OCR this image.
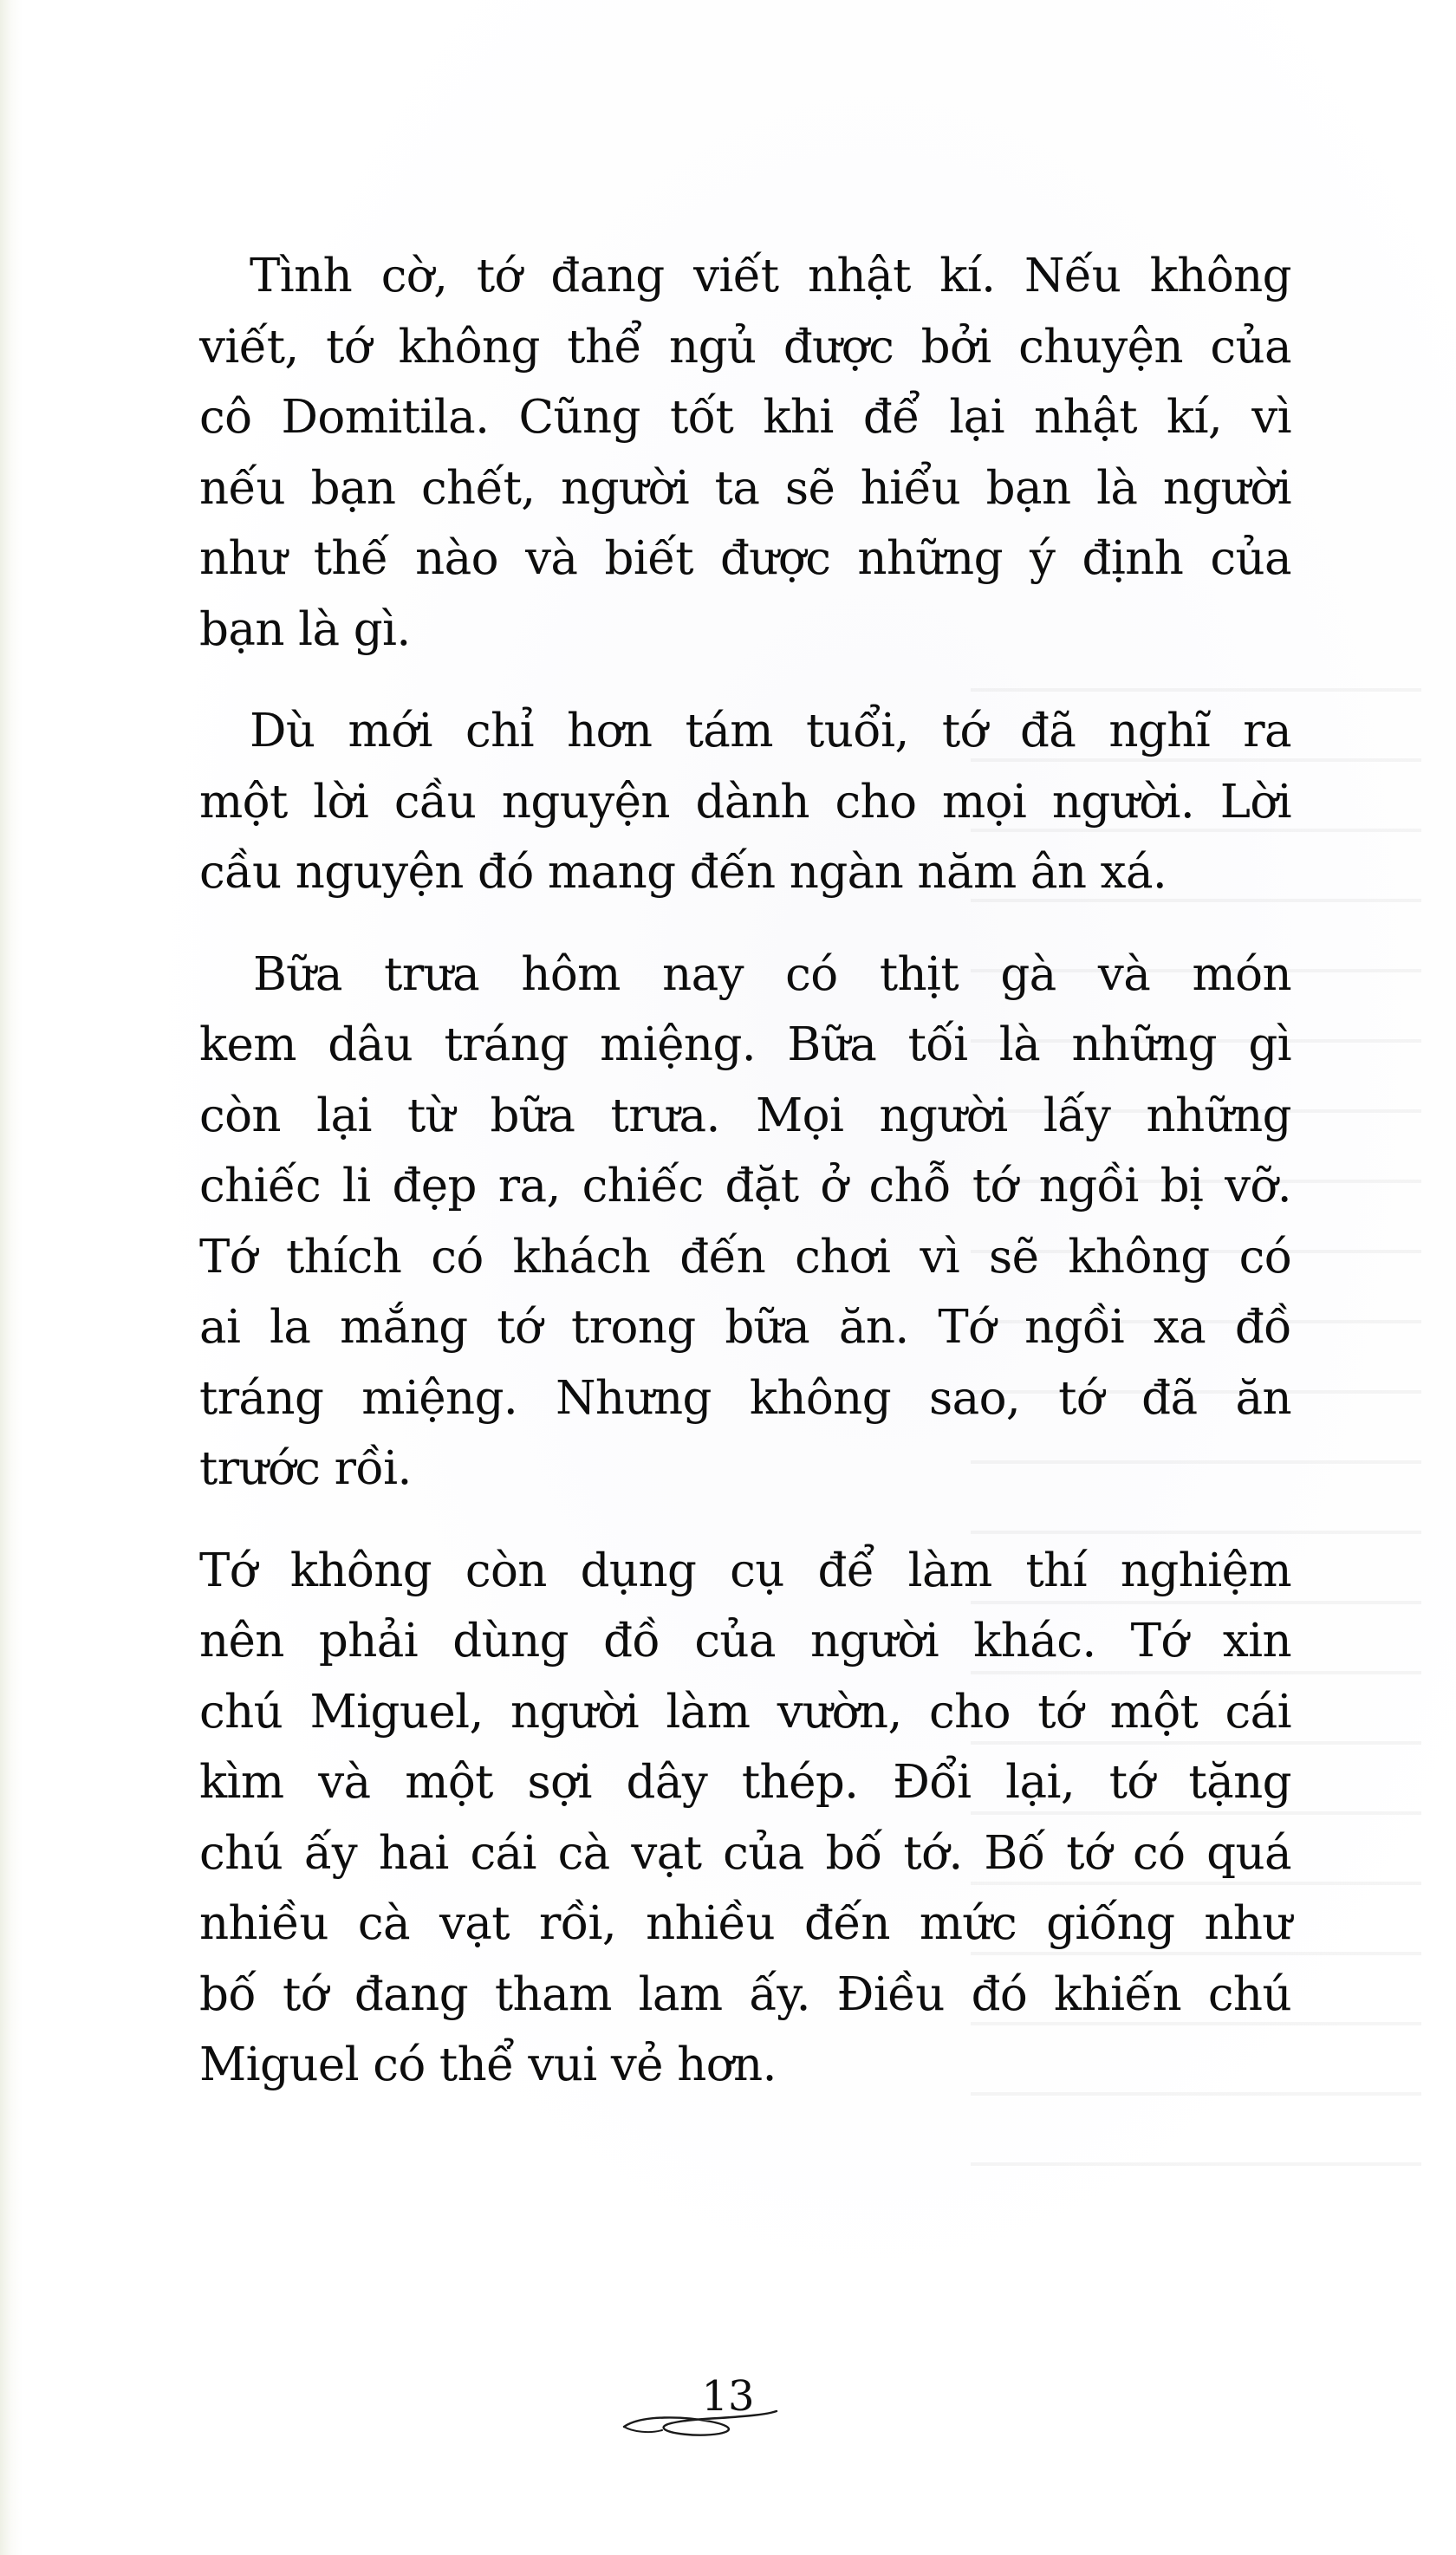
Tình cờ, tớ đang viết nhật kí. Nếu không
viết, tớ không thể ngủ được bởi chuyện của
cô Domitila. Cũng tốt khi để lại nhật kí, vì
nếu bạn chết, người ta sẽ hiểu bạn là người
như thế nào và biết được những ý định của
bạn là gì.

Dù mới chỉ hơn tám tuổi, tớ đã nghĩ ra
một lời cầu nguyện dành cho mọi người. Lời
cầu nguyện đó mang đến ngàn năm ân xá.

Bữa trưa hôm nay có thịt gà và món
kem dâu tráng miệng. Bữa tối là những gì
còn lại từ bữa trưa. Mọi người lấy những
chiếc li đẹp ra, chiếc đặt ở chỗ tớ ngồi bị vỡ.
Tớ thích có khách đến chơi vì sẽ không có
ai la mắng tớ trong bữa ăn. Tớ ngồi xa đồ
tráng miệng. Nhưng không sao, tớ đã ăn
trước rồi.

Tớ không còn dụng cụ để làm thí nghiệm
nên phải dùng đồ của người khác. Tớ xin
chú Miguel, người làm vườn, cho tớ một cái
kìm và một sợi dây thép. Đổi lại, tớ tặng
chú ấy hai cái cà vạt của bố tớ. Bố tớ có quá
nhiều cà vạt rồi, nhiều đến mức giống như
bố tớ đang tham lam ấy. Điều đó khiến chú
Miguel có thể vui vẻ hơn.

13
